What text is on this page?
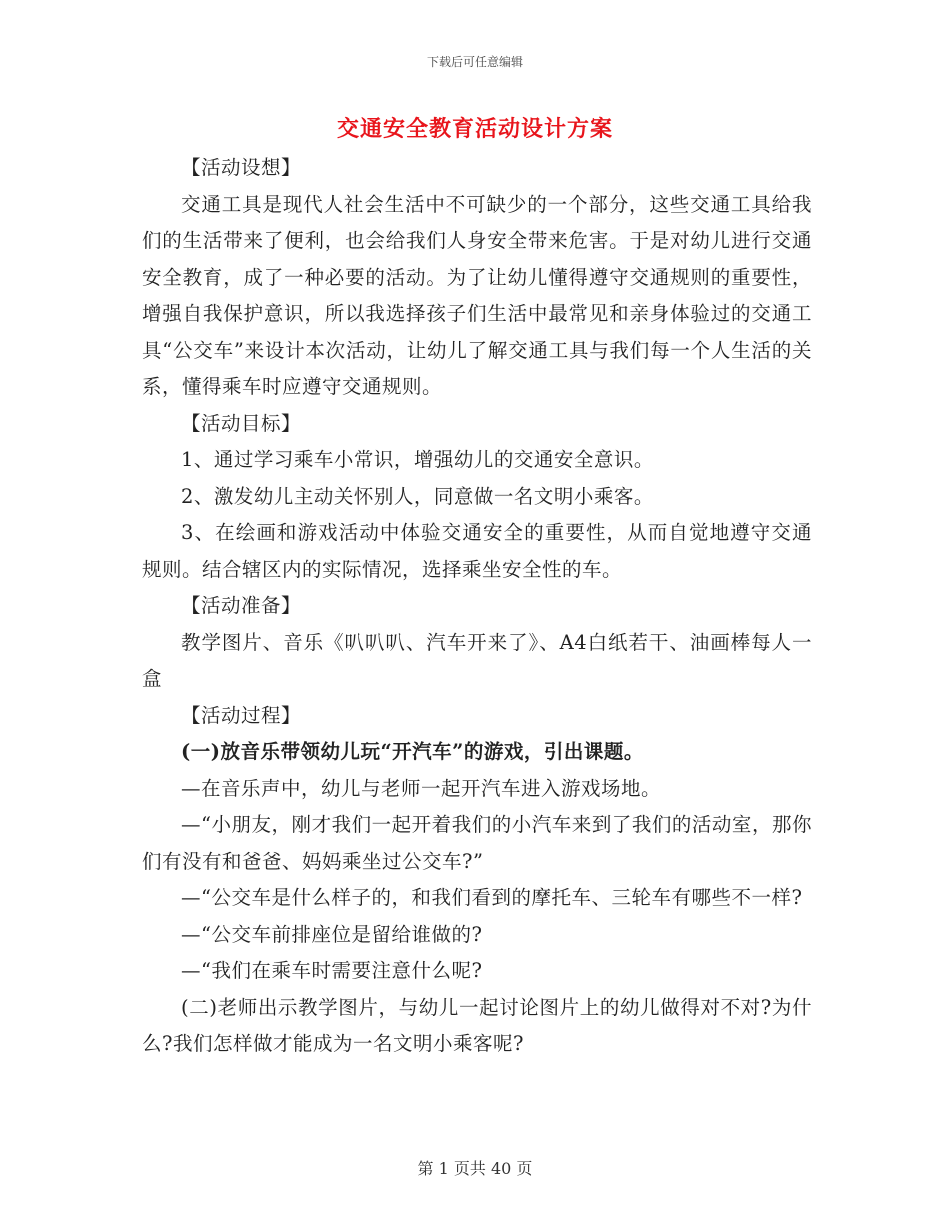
下载后可任意编辑
交通安全教育活动设计方案

【活动设想】

交通工具是现代人社会生活中不可缺少的一个部分，这些交通工具给我们的生活带来了便利，也会给我们人身安全带来危害。于是对幼儿进行交通安全教育，成了一种必要的活动。为了让幼儿懂得遵守交通规则的重要性，增强自我保护意识，所以我选择孩子们生活中最常见和亲身体验过的交通工具“公交车”来设计本次活动，让幼儿了解交通工具与我们每一个人生活的关系，懂得乘车时应遵守交通规则。

【活动目标】

1、通过学习乘车小常识，增强幼儿的交通安全意识。

2、激发幼儿主动关怀别人，同意做一名文明小乘客。

3、在绘画和游戏活动中体验交通安全的重要性，从而自觉地遵守交通规则。结合辖区内的实际情况，选择乘坐安全性的车。

【活动准备】

教学图片、音乐《叭叭叭、汽车开来了》、A4白纸若干、油画棒每人一盒

【活动过程】

(一)放音乐带领幼儿玩“开汽车”的游戏，引出课题。

—在音乐声中，幼儿与老师一起开汽车进入游戏场地。

—“小朋友，刚才我们一起开着我们的小汽车来到了我们的活动室，那你们有没有和爸爸、妈妈乘坐过公交车?”

—“公交车是什么样子的，和我们看到的摩托车、三轮车有哪些不一样?

—“公交车前排座位是留给谁做的?

—“我们在乘车时需要注意什么呢?

(二)老师出示教学图片，与幼儿一起讨论图片上的幼儿做得对不对?为什么?我们怎样做才能成为一名文明小乘客呢?

第 1 页共 40 页
